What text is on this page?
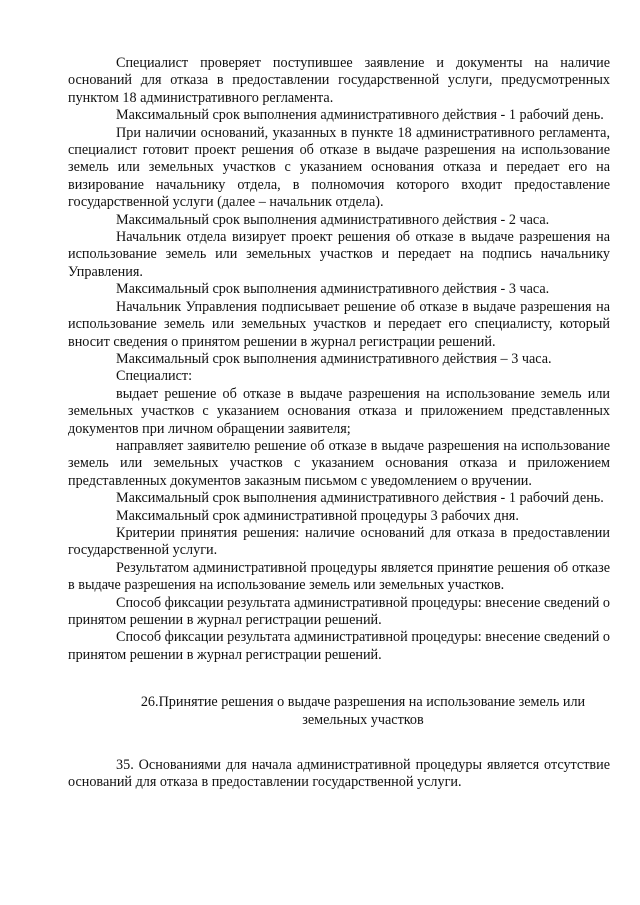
Специалист проверяет поступившее заявление и документы на наличие оснований для отказа в предоставлении государственной услуги, предусмотренных пунктом 18 административного регламента.

Максимальный срок выполнения административного действия - 1 рабочий день.

При наличии оснований, указанных в пункте 18 административного регламента, специалист готовит проект решения об отказе в выдаче разрешения на использование земель или земельных участков с указанием основания отказа и передает его на визирование начальнику отдела, в полномочия которого входит предоставление государственной услуги (далее – начальник отдела).

Максимальный срок выполнения административного действия - 2 часа.

Начальник отдела визирует проект решения об отказе в выдаче разрешения на использование земель или земельных участков и передает на подпись начальнику Управления.

Максимальный срок выполнения административного действия - 3 часа.

Начальник Управления подписывает решение об отказе в выдаче разрешения на использование земель или земельных участков и передает его специалисту, который вносит сведения о принятом решении в журнал регистрации решений.

Максимальный срок выполнения административного действия – 3 часа.

Специалист:

выдает решение об отказе в выдаче разрешения на использование земель или земельных участков с указанием основания отказа и приложением представленных документов при личном обращении заявителя;

направляет заявителю решение об отказе в выдаче разрешения на использование земель или земельных участков с указанием основания отказа и приложением представленных документов заказным письмом с уведомлением о вручении.

Максимальный срок выполнения административного действия - 1 рабочий день.

Максимальный срок административной процедуры 3 рабочих дня.

Критерии принятия решения: наличие оснований для отказа в предоставлении государственной услуги.

Результатом административной процедуры является принятие решения об отказе в выдаче разрешения на использование земель или земельных участков.

Способ фиксации результата административной процедуры: внесение сведений о принятом решении в журнал регистрации решений.

Способ фиксации результата административной процедуры: внесение сведений о принятом решении в журнал регистрации решений.

26.Принятие решения о выдаче разрешения на использование земель или
земельных участков

35. Основаниями для начала административной процедуры является отсутствие оснований для отказа в предоставлении государственной услуги.
